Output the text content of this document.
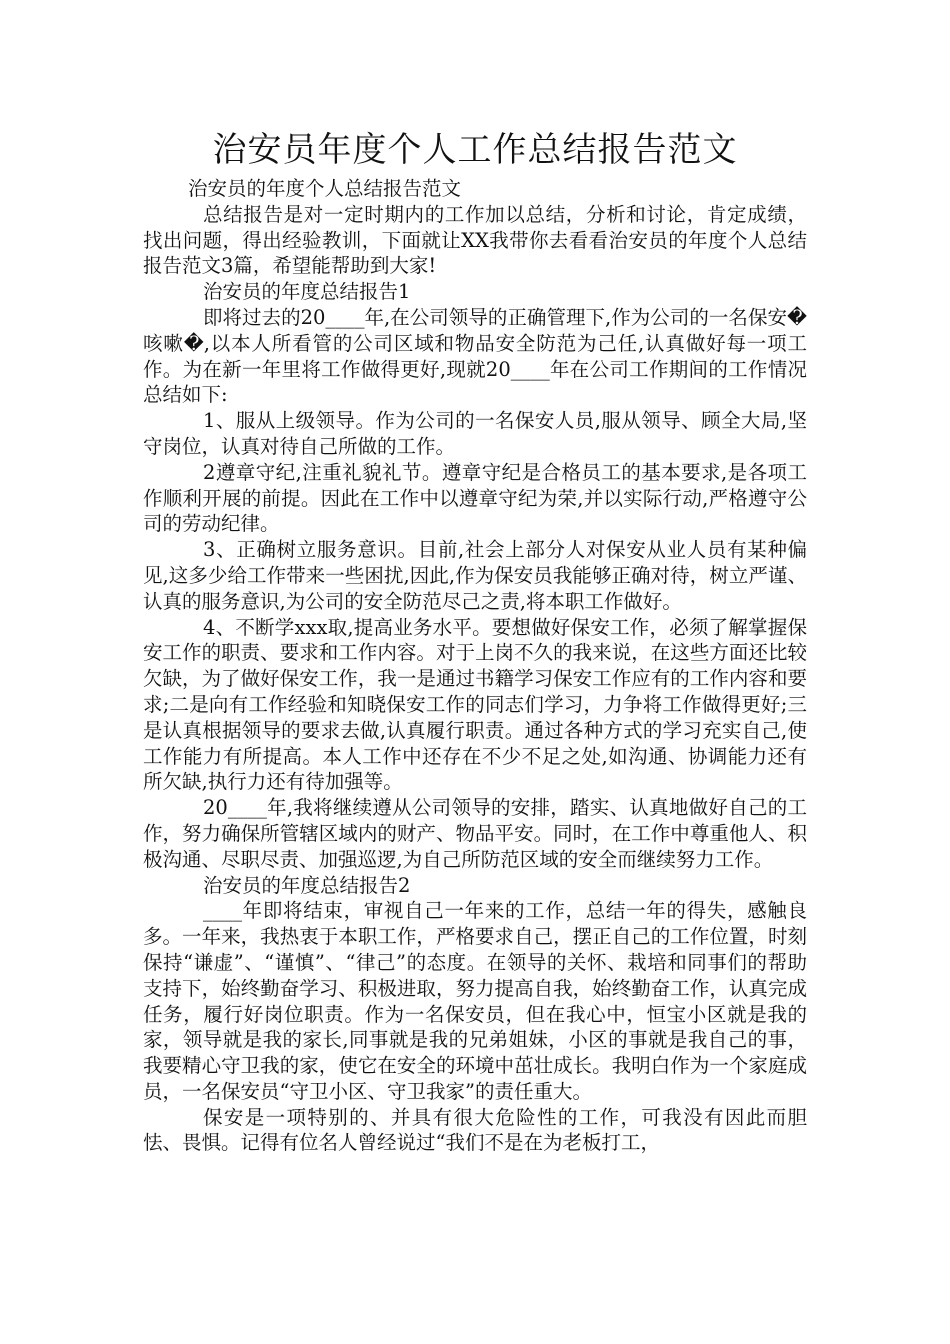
治安员年度个人工作总结报告范文

治安员的年度个人总结报告范文

总结报告是对一定时期内的工作加以总结，分析和讨论，肯定成绩，找出问题，得出经验教训，下面就让XX我带你去看看治安员的年度个人总结报告范文3篇，希望能帮助到大家!

治安员的年度总结报告1

即将过去的20____年,在公司领导的正确管理下,作为公司的一名保安�咳嗽�,以本人所看管的公司区域和物品安全防范为己任,认真做好每一项工作。为在新一年里将工作做得更好,现就20____年在公司工作期间的工作情况总结如下:

1、服从上级领导。作为公司的一名保安人员,服从领导、顾全大局,坚守岗位，认真对待自己所做的工作。

2遵章守纪,注重礼貌礼节。遵章守纪是合格员工的基本要求,是各项工作顺利开展的前提。因此在工作中以遵章守纪为荣,并以实际行动,严格遵守公司的劳动纪律。

3、正确树立服务意识。目前,社会上部分人对保安从业人员有某种偏见,这多少给工作带来一些困扰,因此,作为保安员我能够正确对待，树立严谨、认真的服务意识,为公司的安全防范尽己之责,将本职工作做好。

4、不断学xxx取,提高业务水平。要想做好保安工作，必须了解掌握保安工作的职责、要求和工作内容。对于上岗不久的我来说，在这些方面还比较欠缺，为了做好保安工作，我一是通过书籍学习保安工作应有的工作内容和要求;二是向有工作经验和知晓保安工作的同志们学习，力争将工作做得更好;三是认真根据领导的要求去做,认真履行职责。通过各种方式的学习充实自己,使工作能力有所提高。本人工作中还存在不少不足之处,如沟通、协调能力还有所欠缺,执行力还有待加强等。

20____年,我将继续遵从公司领导的安排，踏实、认真地做好自己的工作，努力确保所管辖区域内的财产、物品平安。同时，在工作中尊重他人、积极沟通、尽职尽责、加强巡逻,为自己所防范区域的安全而继续努力工作。

治安员的年度总结报告2

____年即将结束，审视自己一年来的工作，总结一年的得失，感触良多。一年来，我热衷于本职工作，严格要求自己，摆正自己的工作位置，时刻保持“谦虚”、“谨慎”、“律己”的态度。在领导的关怀、栽培和同事们的帮助支持下，始终勤奋学习、积极进取，努力提高自我，始终勤奋工作，认真完成任务，履行好岗位职责。作为一名保安员，但在我心中，恒宝小区就是我的家，领导就是我的家长,同事就是我的兄弟姐妹，小区的事就是我自己的事，我要精心守卫我的家，使它在安全的环境中茁壮成长。我明白作为一个家庭成员，一名保安员“守卫小区、守卫我家”的责任重大。

保安是一项特别的、并具有很大危险性的工作，可我没有因此而胆怯、畏惧。记得有位名人曾经说过“我们不是在为老板打工，
